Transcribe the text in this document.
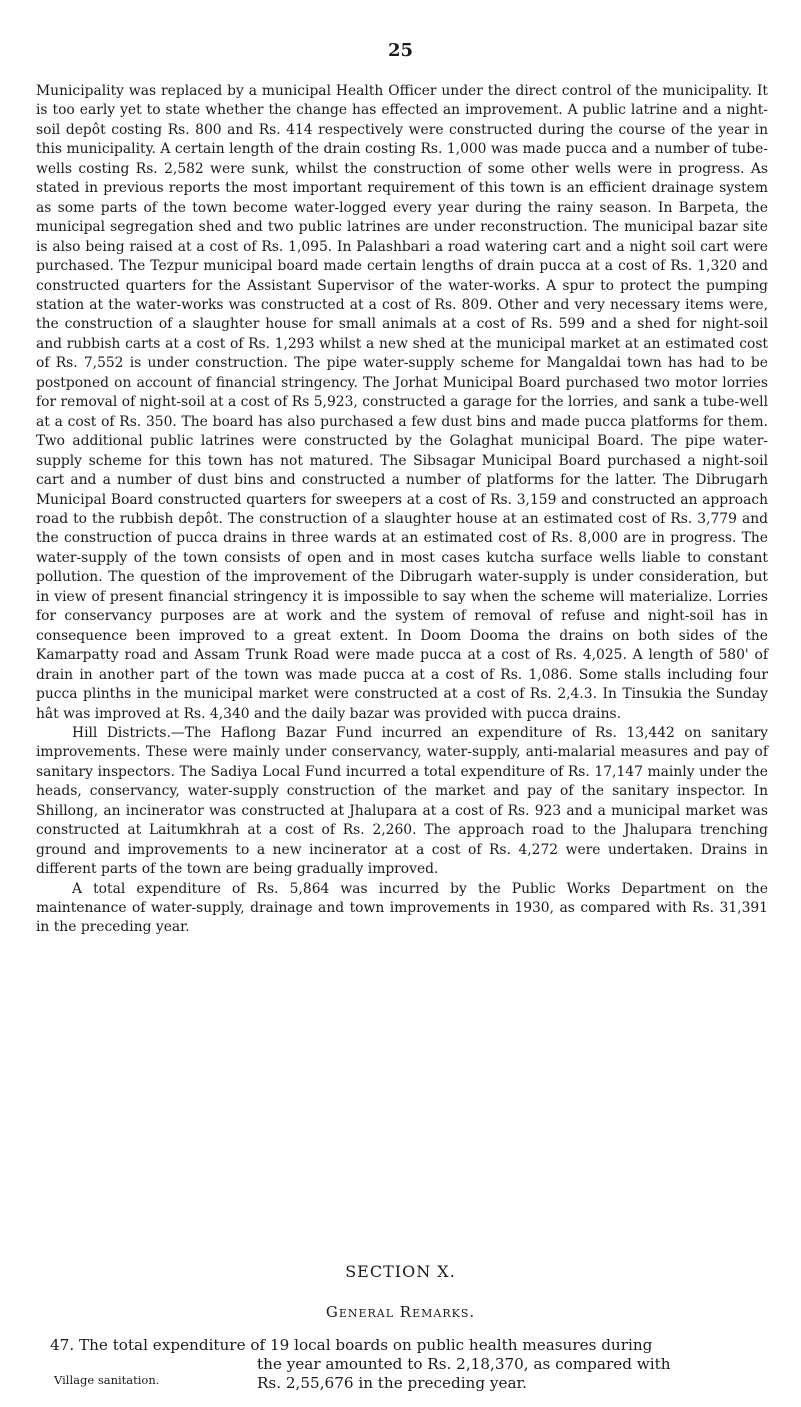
25

Municipality was replaced by a municipal Health Officer under the direct control of the municipality. It is too early yet to state whether the change has effected an improvement. A public latrine and a night-soil depôt costing Rs. 800 and Rs. 414 respectively were constructed during the course of the year in this municipality. A certain length of the drain costing Rs. 1,000 was made pucca and a number of tube-wells costing Rs. 2,582 were sunk, whilst the construction of some other wells were in progress. As stated in previous reports the most important requirement of this town is an efficient drainage system as some parts of the town become water-logged every year during the rainy season. In Barpeta, the municipal segregation shed and two public latrines are under reconstruction. The municipal bazar site is also being raised at a cost of Rs. 1,095. In Palashbari a road watering cart and a night soil cart were purchased. The Tezpur municipal board made certain lengths of drain pucca at a cost of Rs. 1,320 and constructed quarters for the Assistant Supervisor of the water-works. A spur to protect the pumping station at the water-works was constructed at a cost of Rs. 809. Other and very necessary items were, the construction of a slaughter house for small animals at a cost of Rs. 599 and a shed for night-soil and rubbish carts at a cost of Rs. 1,293 whilst a new shed at the municipal market at an estimated cost of Rs. 7,552 is under construction. The pipe water-supply scheme for Mangaldai town has had to be postponed on account of financial stringency. The Jorhat Municipal Board purchased two motor lorries for removal of night-soil at a cost of Rs 5,923, constructed a garage for the lorries, and sank a tube-well at a cost of Rs. 350. The board has also purchased a few dust bins and made pucca platforms for them. Two additional public latrines were constructed by the Golaghat municipal Board. The pipe water-supply scheme for this town has not matured. The Sibsagar Municipal Board purchased a night-soil cart and a number of dust bins and constructed a number of platforms for the latter. The Dibrugarh Municipal Board constructed quarters for sweepers at a cost of Rs. 3,159 and constructed an approach road to the rubbish depôt. The construction of a slaughter house at an estimated cost of Rs. 3,779 and the construction of pucca drains in three wards at an estimated cost of Rs. 8,000 are in progress. The water-supply of the town consists of open and in most cases kutcha surface wells liable to constant pollution. The question of the improvement of the Dibrugarh water-supply is under consideration, but in view of present financial stringency it is impossible to say when the scheme will materialize. Lorries for conservancy purposes are at work and the system of removal of refuse and night-soil has in consequence been improved to a great extent. In Doom Dooma the drains on both sides of the Kamarpatty road and Assam Trunk Road were made pucca at a cost of Rs. 4,025. A length of 580' of drain in another part of the town was made pucca at a cost of Rs. 1,086. Some stalls including four pucca plinths in the municipal market were constructed at a cost of Rs. 2,4.3. In Tinsukia the Sunday hât was improved at Rs. 4,340 and the daily bazar was provided with pucca drains.

Hill Districts.—The Haflong Bazar Fund incurred an expenditure of Rs. 13,442 on sanitary improvements. These were mainly under conservancy, water-supply, anti-malarial measures and pay of sanitary inspectors. The Sadiya Local Fund incurred a total expenditure of Rs. 17,147 mainly under the heads, conservancy, water-supply construction of the market and pay of the sanitary inspector. In Shillong, an incinerator was constructed at Jhalupara at a cost of Rs. 923 and a municipal market was constructed at Laitumkhrah at a cost of Rs. 2,260. The approach road to the Jhalupara trenching ground and improvements to a new incinerator at a cost of Rs. 4,272 were undertaken. Drains in different parts of the town are being gradually improved.

A total expenditure of Rs. 5,864 was incurred by the Public Works Department on the maintenance of water-supply, drainage and town improvements in 1930, as compared with Rs. 31,391 in the preceding year.

SECTION X.
General Remarks.
47. The total expenditure of 19 local boards on public health measures during
the year amounted to Rs. 2,18,370, as compared with
Rs. 2,55,676 in the preceding year.
Village sanitation.
